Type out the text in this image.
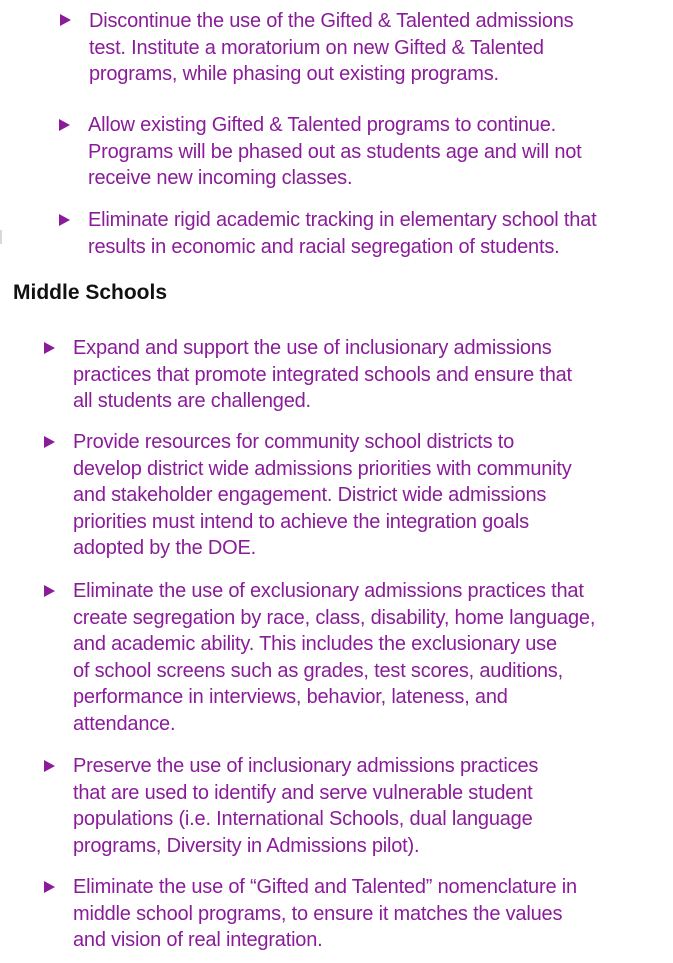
Discontinue the use of the Gifted & Talented admissions
test. Institute a moratorium on new Gifted & Talented
programs, while phasing out existing programs.

Allow existing Gifted & Talented programs to continue.
Programs will be phased out as students age and will not
receive new incoming classes.

Eliminate rigid academic tracking in elementary school that
results in economic and racial segregation of students.

Middle Schools

Expand and support the use of inclusionary admissions
practices that promote integrated schools and ensure that
all students are challenged.

Provide resources for community school districts to
develop district wide admissions priorities with community
and stakeholder engagement. District wide admissions
priorities must intend to achieve the integration goals
adopted by the DOE.

Eliminate the use of exclusionary admissions practices that
create segregation by race, class, disability, home language,
and academic ability. This includes the exclusionary use
of school screens such as grades, test scores, auditions,
performance in interviews, behavior, lateness, and
attendance.

Preserve the use of inclusionary admissions practices
that are used to identify and serve vulnerable student
populations (i.e. International Schools, dual language
programs, Diversity in Admissions pilot).

Eliminate the use of “Gifted and Talented” nomenclature in
middle school programs, to ensure it matches the values
and vision of real integration.
